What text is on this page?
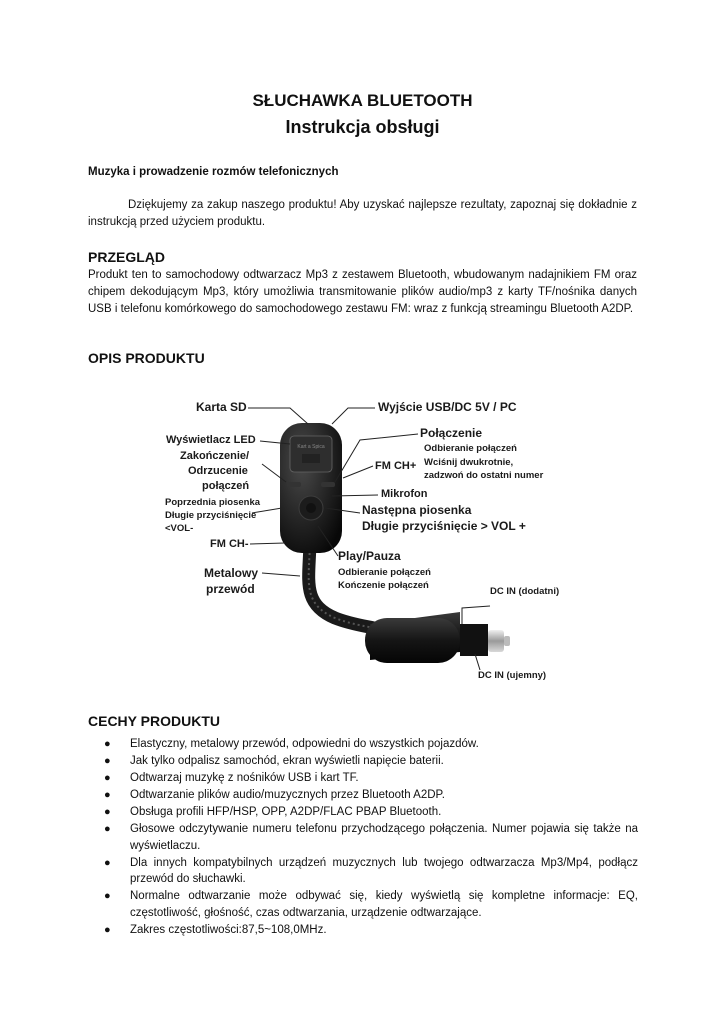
SŁUCHAWKA BLUETOOTH
Instrukcja obsługi
Muzyka i prowadzenie rozmów telefonicznych

Dziękujemy za zakup naszego produktu! Aby uzyskać najlepsze rezultaty, zapoznaj się dokładnie z instrukcją przed użyciem produktu.

PRZEGLĄD

Produkt ten to samochodowy odtwarzacz Mp3 z zestawem Bluetooth, wbudowanym nadajnikiem FM oraz chipem dekodującym Mp3, który umożliwia transmitowanie plików audio/mp3 z karty TF/nośnika danych USB i telefonu komórkowego do samochodowego zestawu FM: wraz z funkcją streamingu Bluetooth A2DP.

OPIS PRODUKTU
Kart a Spica
Karta SD	Wyjście USB/DC 5V / PC
Wyświetlacz LED
Zakończenie/
Odrzucenie
połączeń
Poprzednia piosenka
Długie przyciśnięcie
<VOL-
FM CH-
Metalowy
przewód
Połączenie
Odbieranie połączeń
FM CH+ Wciśnij dwukrotnie,
zadzwoń do ostatni numer
Mikrofon
Następna piosenka
Długie przyciśnięcie > VOL +
Play/Pauza
Odbieranie połączeń
Kończenie połączeń
DC IN (dodatni)
DC IN (ujemny)
CECHY PRODUKTU
● Elastyczny, metalowy przewód, odpowiedni do wszystkich pojazdów.
● Jak tylko odpalisz samochód, ekran wyświetli napięcie baterii.
● Odtwarzaj muzykę z nośników USB i kart TF.
● Odtwarzanie plików audio/muzycznych przez Bluetooth A2DP.
● Obsługa profili HFP/HSP, OPP, A2DP/FLAC PBAP Bluetooth.
● Głosowe odczytywanie numeru telefonu przychodzącego połączenia. Numer pojawia się także na wyświetlaczu.
● Dla innych kompatybilnych urządzeń muzycznych lub twojego odtwarzacza Mp3/Mp4, podłącz przewód do słuchawki.
● Normalne odtwarzanie może odbywać się, kiedy wyświetlą się kompletne informacje: EQ, częstotliwość, głośność, czas odtwarzania, urządzenie odtwarzające.
● Zakres częstotliwości:87,5~108,0MHz.
